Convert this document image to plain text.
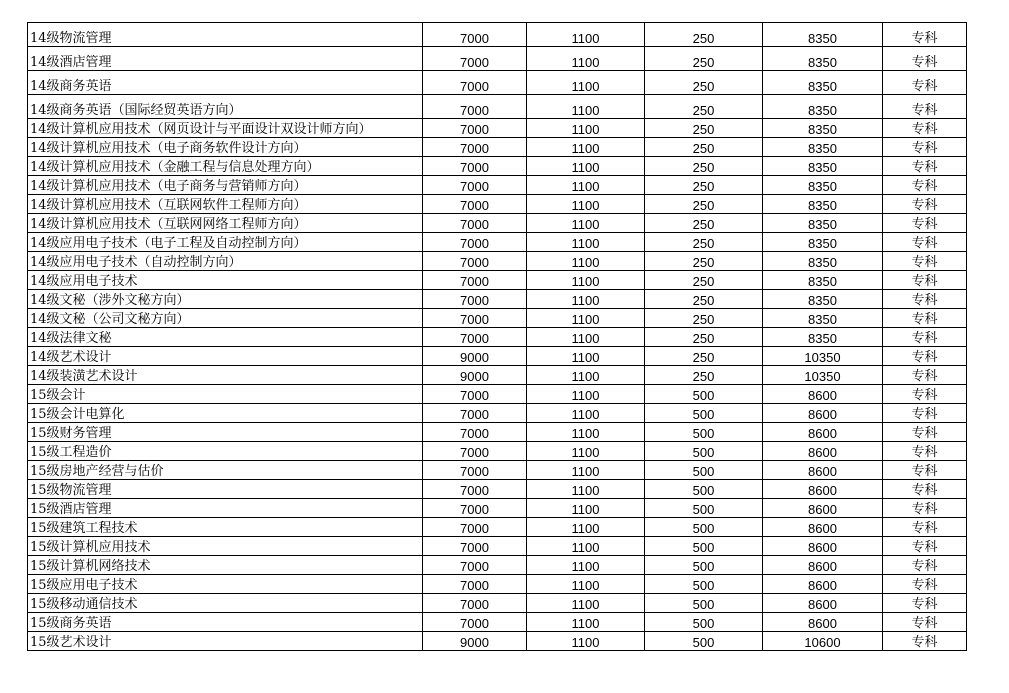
14级物流管理	7000	1100	250	8350	专科
14级酒店管理	7000	1100	250	8350	专科
14级商务英语	7000	1100	250	8350	专科
14级商务英语（国际经贸英语方向）	7000	1100	250	8350	专科
14级计算机应用技术（网页设计与平面设计双设计师方向）	7000	1100	250	8350	专科
14级计算机应用技术（电子商务软件设计方向）	7000	1100	250	8350	专科
14级计算机应用技术（金融工程与信息处理方向）	7000	1100	250	8350	专科
14级计算机应用技术（电子商务与营销师方向）	7000	1100	250	8350	专科
14级计算机应用技术（互联网软件工程师方向）	7000	1100	250	8350	专科
14级计算机应用技术（互联网网络工程师方向）	7000	1100	250	8350	专科
14级应用电子技术（电子工程及自动控制方向）	7000	1100	250	8350	专科
14级应用电子技术（自动控制方向）	7000	1100	250	8350	专科
14级应用电子技术	7000	1100	250	8350	专科
14级文秘（涉外文秘方向）	7000	1100	250	8350	专科
14级文秘（公司文秘方向）	7000	1100	250	8350	专科
14级法律文秘	7000	1100	250	8350	专科
14级艺术设计	9000	1100	250	10350	专科
14级装潢艺术设计	9000	1100	250	10350	专科
15级会计	7000	1100	500	8600	专科
15级会计电算化	7000	1100	500	8600	专科
15级财务管理	7000	1100	500	8600	专科
15级工程造价	7000	1100	500	8600	专科
15级房地产经营与估价	7000	1100	500	8600	专科
15级物流管理	7000	1100	500	8600	专科
15级酒店管理	7000	1100	500	8600	专科
15级建筑工程技术	7000	1100	500	8600	专科
15级计算机应用技术	7000	1100	500	8600	专科
15级计算机网络技术	7000	1100	500	8600	专科
15级应用电子技术	7000	1100	500	8600	专科
15级移动通信技术	7000	1100	500	8600	专科
15级商务英语	7000	1100	500	8600	专科
15级艺术设计	9000	1100	500	10600	专科
